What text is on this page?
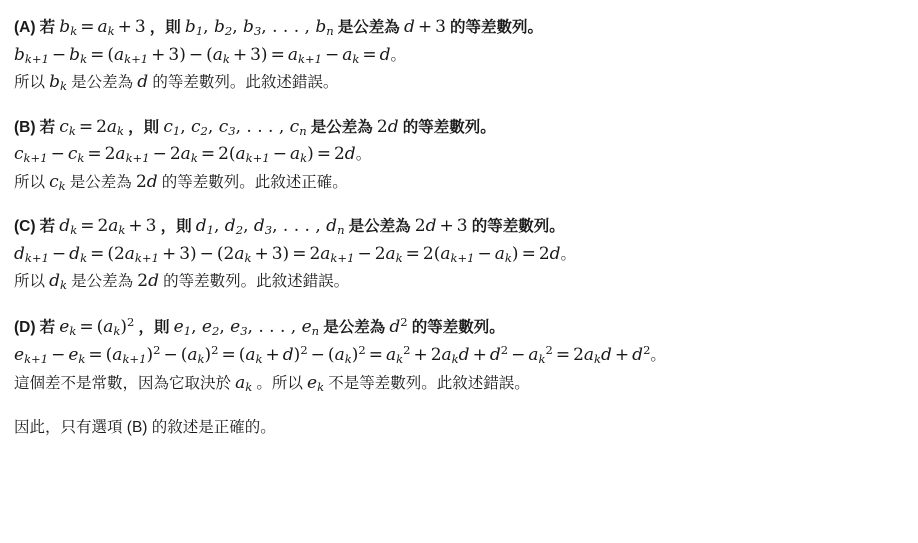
(A) 若 $b_k = a_k + 3$ ，則 $b_1$, $b_2$, $b_3$, . . . , $b_n$ 是公差為 d + 3 的等差數列。
$b_{k+1} - b_k = (a_{k+1} + 3) - (a_k + 3) = a_{k+1} - a_k = d$。
所以 $b_k$ 是公差為 d 的等差數列。此敘述錯誤。
(B) 若 $c_k = 2a_k$ ，則 $c_1$, $c_2$, $c_3$, . . . , $c_n$ 是公差為 2d 的等差數列。
$c_{k+1} - c_k = 2a_{k+1} - 2a_k = 2(a_{k+1} - a_k) = 2d$。
所以 $c_k$ 是公差為 2d 的等差數列。此敘述正確。
(C) 若 $d_k = 2a_k + 3$ ，則 $d_1$, $d_2$, $d_3$, . . . , $d_n$ 是公差為 2d + 3 的等差數列。
$d_{k+1} - d_k = (2a_{k+1} + 3) - (2a_k + 3) = 2a_{k+1} - 2a_k = 2(a_{k+1} - a_k) = 2d$。
所以 $d_k$ 是公差為 2d 的等差數列。此敘述錯誤。
(D) 若 $e_k = (a_k)^2$ ，則 $e_1$, $e_2$, $e_3$, . . . , $e_n$ 是公差為 $d^2$ 的等差數列。
$e_{k+1} - e_k = (a_{k+1})^2 - (a_k)^2 = (a_k + d)^2 - (a_k)^2 = a_k^2 + 2a_kd + d^2 - a_k^2 = 2a_kd + d^2$。
這個差不是常數，因為它取決於 $a_k$ 。所以 $e_k$ 不是等差數列。此敘述錯誤。
因此，只有選項 (B) 的敘述是正確的。
